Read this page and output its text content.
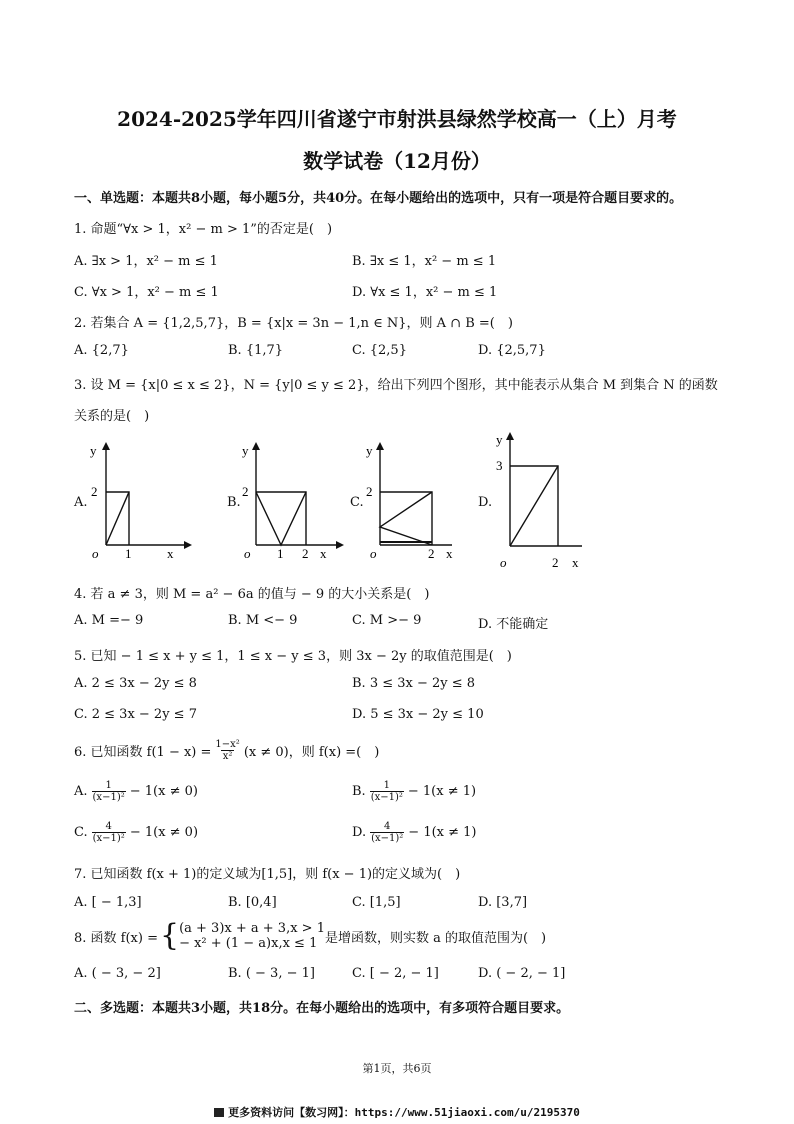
2024-2025学年四川省遂宁市射洪县绿然学校高一（上）月考
数学试卷（12月份）
一、单选题：本题共8小题，每小题5分，共40分。在每小题给出的选项中，只有一项是符合题目要求的。
1. 命题“∀x > 1，x² − m > 1”的否定是(　)
A. ∃x > 1，x² − m ≤ 1	B. ∃x ≤ 1，x² − m ≤ 1
C. ∀x > 1，x² − m ≤ 1	D. ∀x ≤ 1，x² − m ≤ 1
2. 若集合 A = {1,2,5,7}，B = {x|x = 3n − 1,n ∈ N}，则 A ∩ B =(　)
A. {2,7}	B. {1,7}	C. {2,5}	D. {2,5,7}
3. 设 M = {x|0 ≤ x ≤ 2}，N = {y|0 ≤ y ≤ 2}，给出下列四个图形，其中能表示从集合 M 到集合 N 的函数
关系的是(　)
A.
y
2
o 1	x
B.
y
2
o 1 2 x
C.
y
2
o	2 x
D.
y
3
o	2 x
4. 若 a ≠ 3，则 M = a² − 6a 的值与 − 9 的大小关系是(　)
A. M =− 9	B. M <− 9	C. M >− 9	D. 不能确定
5. 已知 − 1 ≤ x + y ≤ 1，1 ≤ x − y ≤ 3，则 3x − 2y 的取值范围是(　)
A. 2 ≤ 3x − 2y ≤ 8	B. 3 ≤ 3x − 2y ≤ 8
C. 2 ≤ 3x − 2y ≤ 7	D. 5 ≤ 3x − 2y ≤ 10
6. 已知函数 $f(1 - x) = \frac{\text{1−x²}}{\text{x²}} (x \ne 0)$，则 f(x) =(　)
A. $\frac{1}{\text{(x−1)²}} - 1(x \ne 0)$	B. $\frac{1}{\text{(x−1)²}} - 1(x \ne 1)$
C. $\frac{4}{\text{(x−1)²}} - 1(x \ne 0)$	D. $\frac{4}{\text{(x−1)²}} - 1(x \ne 1)$
7. 已知函数 f(x + 1)的定义域为[1,5]，则 f(x − 1)的定义域为(　)
A. [ − 1,3]	B. [0,4]	C. [1,5]	D. [3,7]
8. 函数 f(x) = { (a + 3)x + a + 3,x > 1
− x² + (1 − a)x,x ≤ 1 是增函数，则实数 a 的取值范围为(　)
A. ( − 3, − 2]	B. ( − 3, − 1]	C. [ − 2, − 1]	D. ( − 2, − 1]
二、多选题：本题共3小题，共18分。在每小题给出的选项中，有多项符合题目要求。
第1页，共6页
更多资料访问【数习网】：https://www.51jiaoxi.com/u/2195370
